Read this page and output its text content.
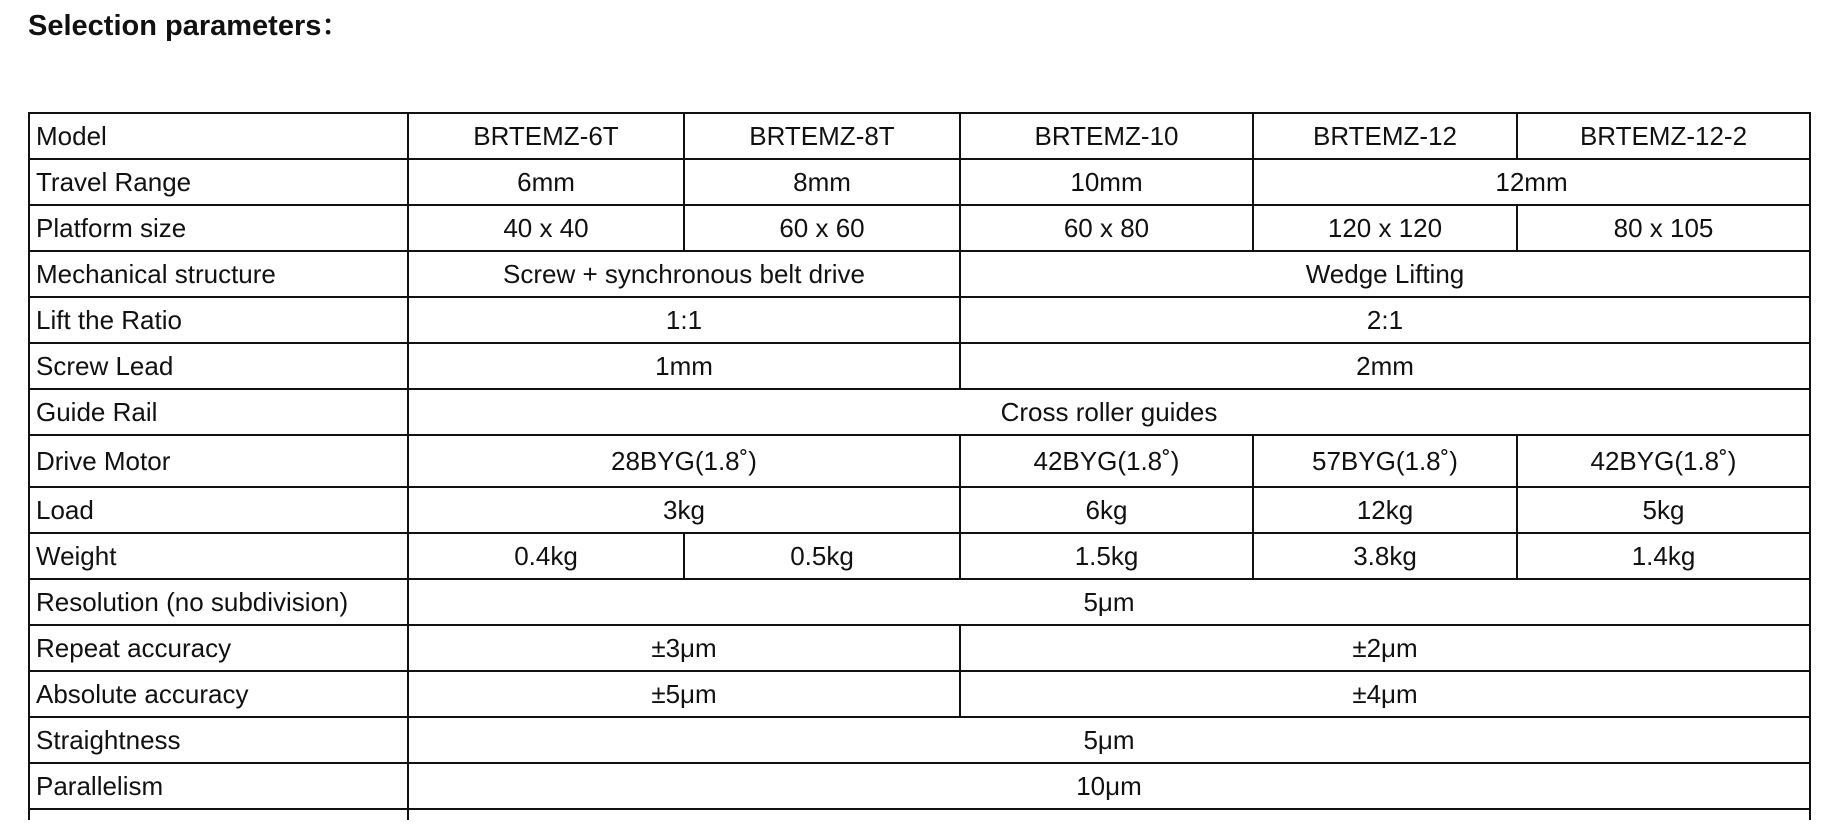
Selection parameters：
Model	BRTEMZ-6T	BRTEMZ-8T	BRTEMZ-10	BRTEMZ-12	BRTEMZ-12-2
Travel Range	6mm	8mm	10mm	12mm	
Platform size	40 x 40	60 x 60	60 x 80	120 x 120	80 x 105
Mechanical structure	Screw + synchronous belt drive		Wedge Lifting		
Lift the Ratio	1:1		2:1		
Screw Lead	1mm		2mm		
Guide Rail	Cross roller guides				
Drive Motor	28BYG(1.8˚)		42BYG(1.8˚)	57BYG(1.8˚)	42BYG(1.8˚)
Load	3kg		6kg	12kg	5kg
Weight	0.4kg	0.5kg	1.5kg	3.8kg	1.4kg
Resolution (no subdivision)	5μm				
Repeat accuracy	±3μm		±2μm		
Absolute accuracy	±5μm		±4μm		
Straightness	5μm				
Parallelism	10μm				
